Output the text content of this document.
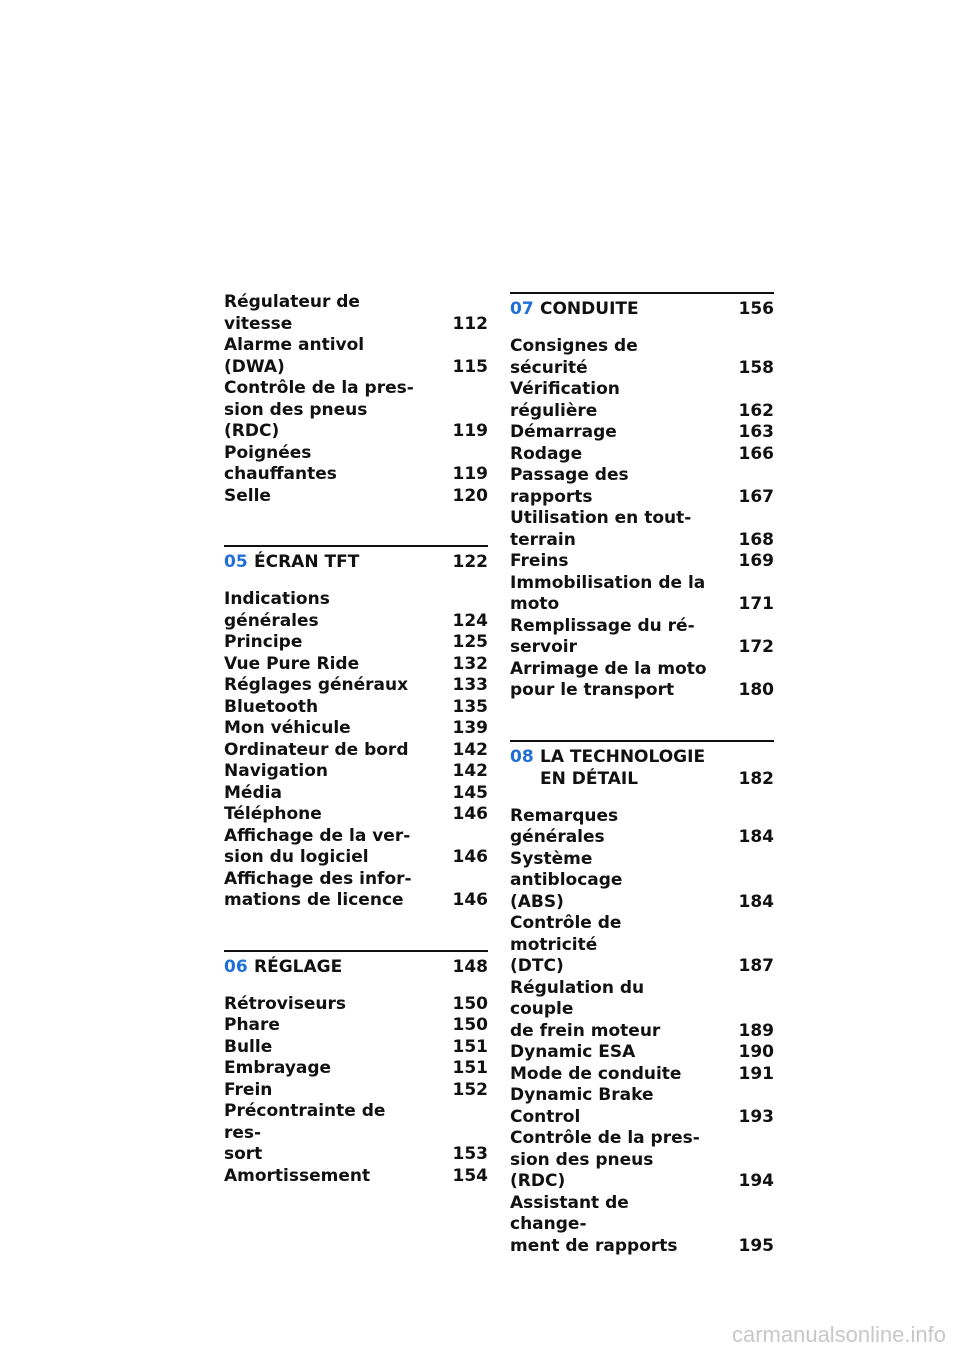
Régulateur de vitesse	112
Alarme antivol (DWA)	115
Contrôle de la pres-
sion des pneus (RDC)	119
Poignées chauffantes	119
Selle	120
05 ÉCRAN TFT	122
Indications générales	124
Principe	125
Vue Pure Ride	132
Réglages généraux	133
Bluetooth	135
Mon véhicule	139
Ordinateur de bord	142
Navigation	142
Média	145
Téléphone	146
Affichage de la ver-
sion du logiciel	146
Affichage des infor-
mations de licence	146
06 RÉGLAGE	148
Rétroviseurs	150
Phare	150
Bulle	151
Embrayage	151
Frein	152
Précontrainte de res-
sort	153
Amortissement	154
07 CONDUITE	156
Consignes de sécurité	158
Vérification régulière	162
Démarrage	163
Rodage	166
Passage des rapports	167
Utilisation en tout-
terrain	168
Freins	169
Immobilisation de la
moto	171
Remplissage du ré-
servoir	172
Arrimage de la moto
pour le transport	180
08 LA TECHNOLOGIE
EN DÉTAIL	182
Remarques générales	184
Système antiblocage
(ABS)	184
Contrôle de motricité
(DTC)	187
Régulation du couple
de frein moteur	189
Dynamic ESA	190
Mode de conduite	191
Dynamic Brake
Control	193
Contrôle de la pres-
sion des pneus (RDC)	194
Assistant de change-
ment de rapports	195
carmanualsonline.info
